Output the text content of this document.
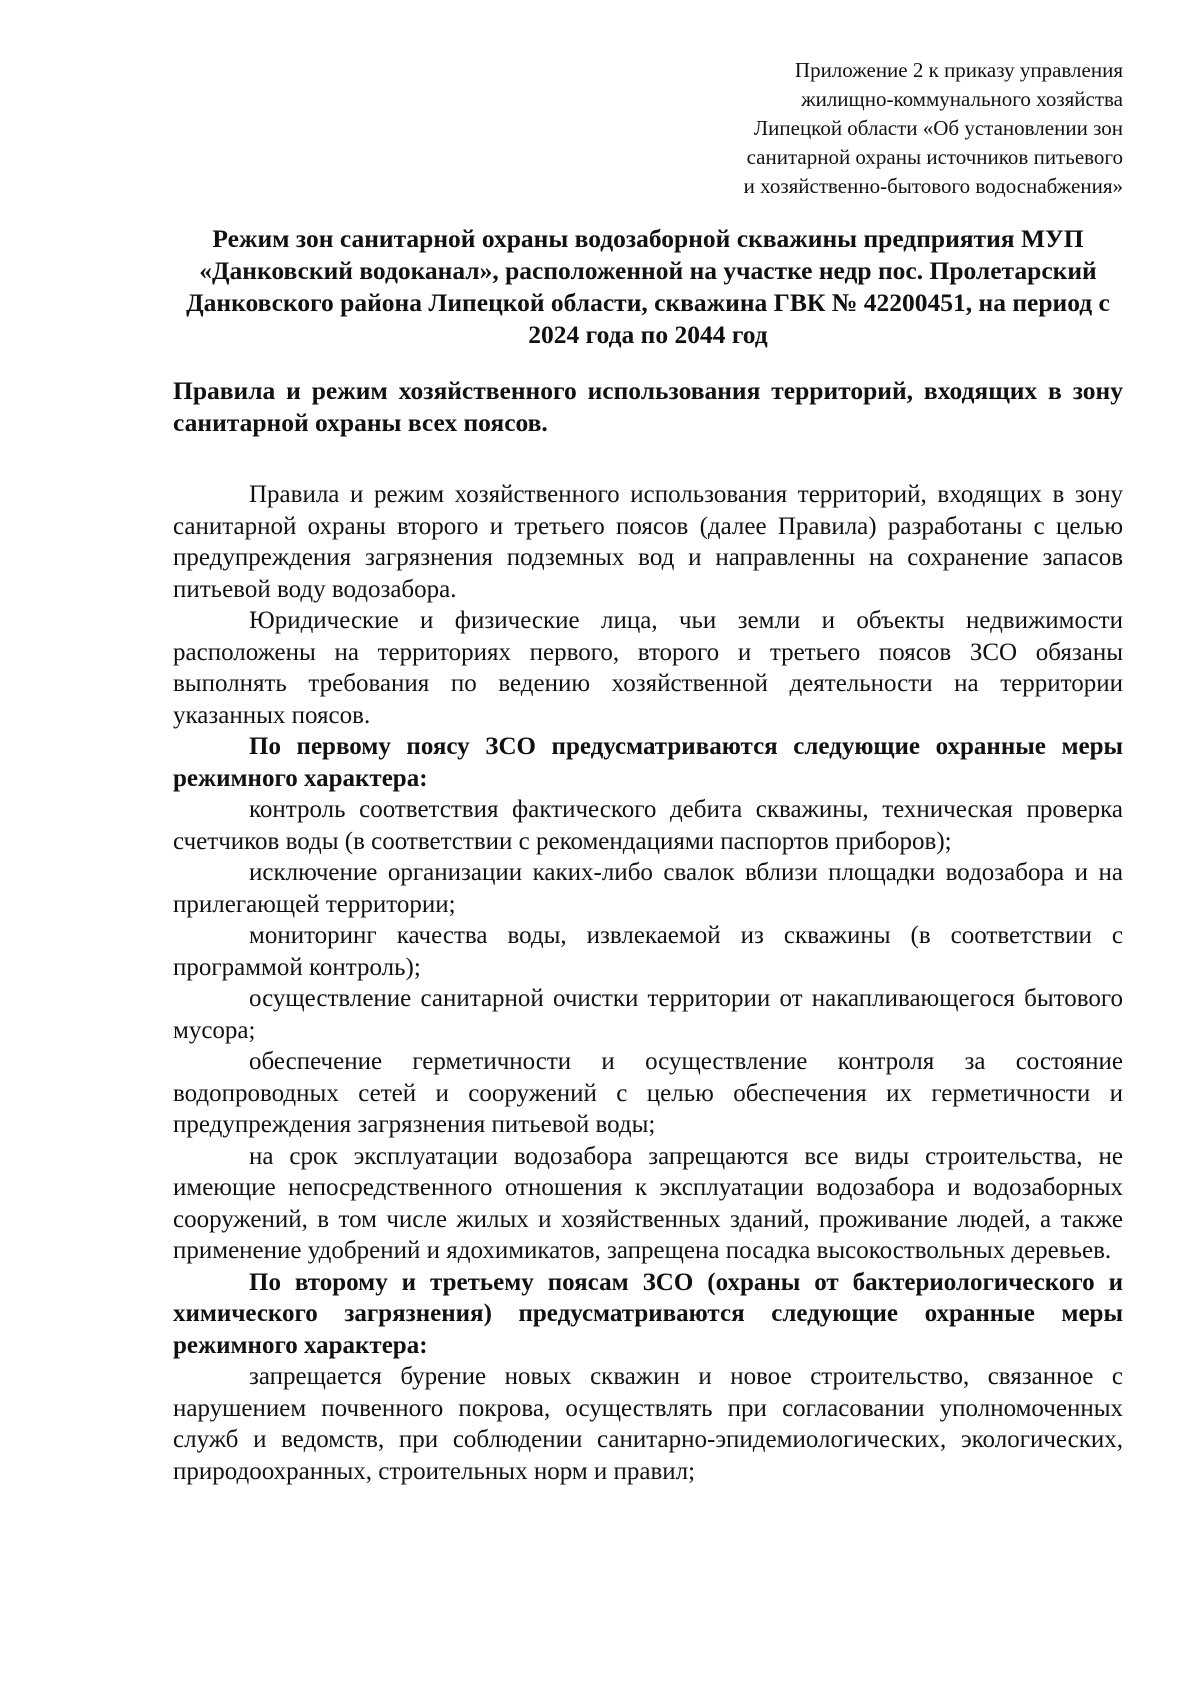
Приложение 2 к приказу управления
жилищно-коммунального хозяйства
Липецкой области «Об установлении зон
санитарной охраны источников питьевого
и хозяйственно-бытового водоснабжения»
Режим зон санитарной охраны водозаборной скважины предприятия МУП «Данковский водоканал», расположенной на участке недр пос. Пролетарский Данковского района Липецкой области, скважина ГВК № 42200451, на период с 2024 года по 2044 год
Правила и режим хозяйственного использования территорий, входящих в зону санитарной охраны всех поясов.

Правила и режим хозяйственного использования территорий, входящих в зону санитарной охраны второго и третьего поясов (далее Правила) разработаны с целью предупреждения загрязнения подземных вод и направленны на сохранение запасов питьевой воду водозабора.

Юридические и физические лица, чьи земли и объекты недвижимости расположены на территориях первого, второго и третьего поясов ЗСО обязаны выполнять требования по ведению хозяйственной деятельности на территории указанных поясов.

По первому поясу ЗСО предусматриваются следующие охранные меры режимного характера:

контроль соответствия фактического дебита скважины, техническая проверка счетчиков воды (в соответствии с рекомендациями паспортов приборов);

исключение организации каких-либо свалок вблизи площадки водозабора и на прилегающей территории;

мониторинг качества воды, извлекаемой из скважины (в соответствии с программой контроль);

осуществление санитарной очистки территории от накапливающегося бытового мусора;

обеспечение герметичности и осуществление контроля за состояние водопроводных сетей и сооружений с целью обеспечения их герметичности и предупреждения загрязнения питьевой воды;

на срок эксплуатации водозабора запрещаются все виды строительства, не имеющие непосредственного отношения к эксплуатации водозабора и водозаборных сооружений, в том числе жилых и хозяйственных зданий, проживание людей, а также применение удобрений и ядохимикатов, запрещена посадка высокоствольных деревьев.

По второму и третьему поясам ЗСО (охраны от бактериологического и химического загрязнения) предусматриваются следующие охранные меры режимного характера:

запрещается бурение новых скважин и новое строительство, связанное с нарушением почвенного покрова, осуществлять при согласовании уполномоченных служб и ведомств, при соблюдении санитарно-эпидемиологических, экологических, природоохранных, строительных норм и правил;
